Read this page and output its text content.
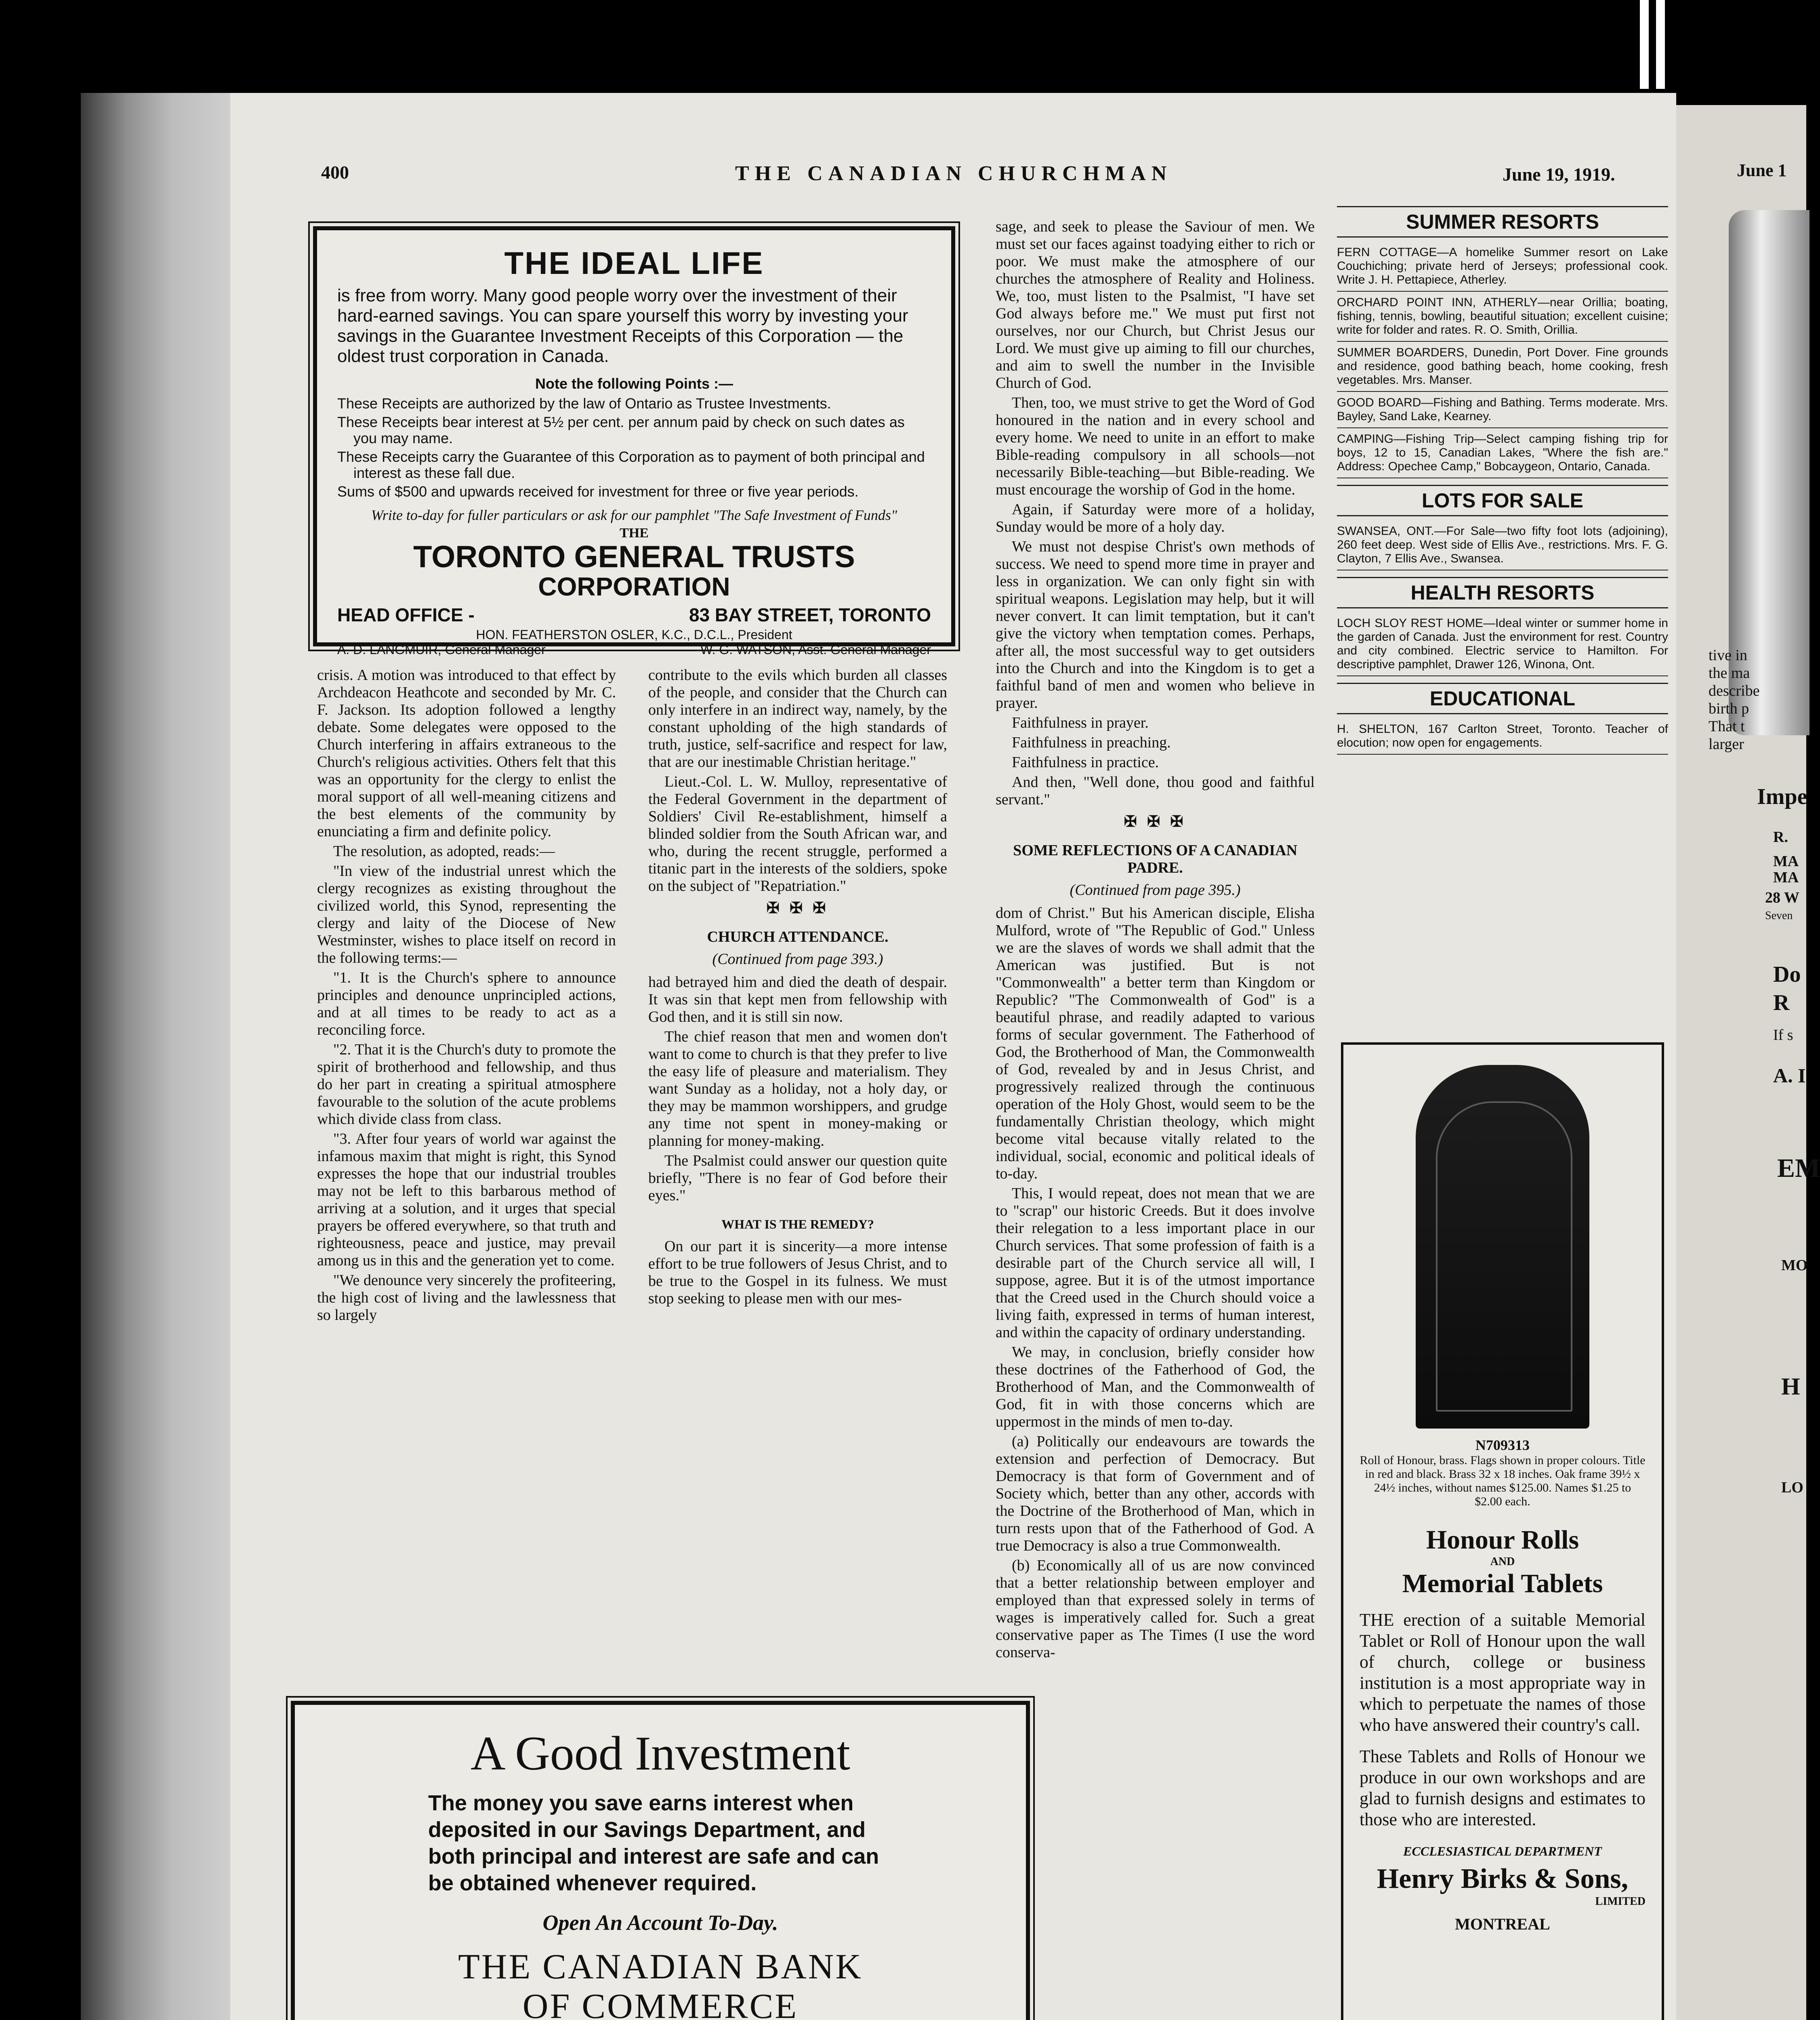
400	THE CANADIAN CHURCHMAN	June 19, 1919.
THE IDEAL LIFE
is free from worry. Many good people worry over the investment of their hard-earned savings. You can spare yourself this worry by investing your savings in the Guarantee Investment Receipts of this Corporation — the oldest trust corporation in Canada.
Note the following Points :—
These Receipts are authorized by the law of Ontario as Trustee Investments.
These Receipts bear interest at 5½ per cent. per annum paid by check on such dates as you may name.
These Receipts carry the Guarantee of this Corporation as to payment of both principal and interest as these fall due.
Sums of $500 and upwards received for investment for three or five year periods.
Write to-day for fuller particulars or ask for our pamphlet "The Safe Investment of Funds"
THE
TORONTO GENERAL TRUSTS
CORPORATION
HEAD OFFICE -	83 BAY STREET, TORONTO
HON. FEATHERSTON OSLER, K.C., D.C.L., President
A. D. LANGMUIR, General Manager	W. G. WATSON, Asst. General Manager

crisis. A motion was introduced to that effect by Archdeacon Heathcote and seconded by Mr. C. F. Jackson. Its adoption followed a lengthy debate. Some delegates were opposed to the Church interfering in affairs extraneous to the Church's religious activities. Others felt that this was an opportunity for the clergy to enlist the moral support of all well-meaning citizens and the best elements of the community by enunciating a firm and definite policy.

The resolution, as adopted, reads:—

"In view of the industrial unrest which the clergy recognizes as existing throughout the civilized world, this Synod, representing the clergy and laity of the Diocese of New Westminster, wishes to place itself on record in the following terms:—

"1. It is the Church's sphere to announce principles and denounce unprincipled actions, and at all times to be ready to act as a reconciling force.

"2. That it is the Church's duty to promote the spirit of brotherhood and fellowship, and thus do her part in creating a spiritual atmosphere favourable to the solution of the acute problems which divide class from class.

"3. After four years of world war against the infamous maxim that might is right, this Synod expresses the hope that our industrial troubles may not be left to this barbarous method of arriving at a solution, and it urges that special prayers be offered everywhere, so that truth and righteousness, peace and justice, may prevail among us in this and the generation yet to come.

"We denounce very sincerely the profiteering, the high cost of living and the lawlessness that so largely

contribute to the evils which burden all classes of the people, and consider that the Church can only interfere in an indirect way, namely, by the constant upholding of the high standards of truth, justice, self-sacrifice and respect for law, that are our inestimable Christian heritage."

Lieut.-Col. L. W. Mulloy, representative of the Federal Government in the department of Soldiers' Civil Re-establishment, himself a blinded soldier from the South African war, and who, during the recent struggle, performed a titanic part in the interests of the soldiers, spoke on the subject of "Repatriation."

✠ ✠ ✠
CHURCH ATTENDANCE.
(Continued from page 393.)

had betrayed him and died the death of despair. It was sin that kept men from fellowship with God then, and it is still sin now.

The chief reason that men and women don't want to come to church is that they prefer to live the easy life of pleasure and materialism. They want Sunday as a holiday, not a holy day, or they may be mammon worshippers, and grudge any time not spent in money-making or planning for money-making.

The Psalmist could answer our question quite briefly, "There is no fear of God before their eyes."

WHAT IS THE REMEDY?

On our part it is sincerity—a more intense effort to be true followers of Jesus Christ, and to be true to the Gospel in its fulness. We must stop seeking to please men with our mes-

sage, and seek to please the Saviour of men. We must set our faces against toadying either to rich or poor. We must make the atmosphere of our churches the atmosphere of Reality and Holiness. We, too, must listen to the Psalmist, "I have set God always before me." We must put first not ourselves, nor our Church, but Christ Jesus our Lord. We must give up aiming to fill our churches, and aim to swell the number in the Invisible Church of God.

Then, too, we must strive to get the Word of God honoured in the nation and in every school and every home. We need to unite in an effort to make Bible-reading compulsory in all schools—not necessarily Bible-teaching—but Bible-reading. We must encourage the worship of God in the home.

Again, if Saturday were more of a holiday, Sunday would be more of a holy day.

We must not despise Christ's own methods of success. We need to spend more time in prayer and less in organization. We can only fight sin with spiritual weapons. Legislation may help, but it will never convert. It can limit temptation, but it can't give the victory when temptation comes. Perhaps, after all, the most successful way to get outsiders into the Church and into the Kingdom is to get a faithful band of men and women who believe in prayer.

Faithfulness in prayer.

Faithfulness in preaching.

Faithfulness in practice.

And then, "Well done, thou good and faithful servant."

✠ ✠ ✠
SOME REFLECTIONS OF A CANADIAN PADRE.
(Continued from page 395.)

dom of Christ." But his American disciple, Elisha Mulford, wrote of "The Republic of God." Unless we are the slaves of words we shall admit that the American was justified. But is not "Commonwealth" a better term than Kingdom or Republic? "The Commonwealth of God" is a beautiful phrase, and readily adapted to various forms of secular government. The Fatherhood of God, the Brotherhood of Man, the Commonwealth of God, revealed by and in Jesus Christ, and progressively realized through the continuous operation of the Holy Ghost, would seem to be the fundamentally Christian theology, which might become vital because vitally related to the individual, social, economic and political ideals of to-day.

This, I would repeat, does not mean that we are to "scrap" our historic Creeds. But it does involve their relegation to a less important place in our Church services. That some profession of faith is a desirable part of the Church service all will, I suppose, agree. But it is of the utmost importance that the Creed used in the Church should voice a living faith, expressed in terms of human interest, and within the capacity of ordinary understanding.

We may, in conclusion, briefly consider how these doctrines of the Fatherhood of God, the Brotherhood of Man, and the Commonwealth of God, fit in with those concerns which are uppermost in the minds of men to-day.

(a) Politically our endeavours are towards the extension and perfection of Democracy. But Democracy is that form of Government and of Society which, better than any other, accords with the Doctrine of the Brotherhood of Man, which in turn rests upon that of the Fatherhood of God. A true Democracy is also a true Commonwealth.

(b) Economically all of us are now convinced that a better relationship between employer and employed than that expressed solely in terms of wages is imperatively called for. Such a great conservative paper as The Times (I use the word conserva-

A Good Investment
The money you save earns interest when deposited in our Savings Department, and both principal and interest are safe and can be obtained whenever required.
Open An Account To-Day.
THE CANADIAN BANK
OF COMMERCE
SUMMER RESORTS
FERN COTTAGE—A homelike Summer resort on Lake Couchiching; private herd of Jerseys; professional cook. Write J. H. Pettapiece, Atherley.
ORCHARD POINT INN, ATHERLY—near Orillia; boating, fishing, tennis, bowling, beautiful situation; excellent cuisine; write for folder and rates. R. O. Smith, Orillia.
SUMMER BOARDERS, Dunedin, Port Dover. Fine grounds and residence, good bathing beach, home cooking, fresh vegetables. Mrs. Manser.
GOOD BOARD—Fishing and Bathing. Terms moderate. Mrs. Bayley, Sand Lake, Kearney.
CAMPING—Fishing Trip—Select camping fishing trip for boys, 12 to 15, Canadian Lakes, "Where the fish are." Address: Opechee Camp," Bobcaygeon, Ontario, Canada.
LOTS FOR SALE
SWANSEA, ONT.—For Sale—two fifty foot lots (adjoining), 260 feet deep. West side of Ellis Ave., restrictions. Mrs. F. G. Clayton, 7 Ellis Ave., Swansea.
HEALTH RESORTS
LOCH SLOY REST HOME—Ideal winter or summer home in the garden of Canada. Just the environment for rest. Country and city combined. Electric service to Hamilton. For descriptive pamphlet, Drawer 126, Winona, Ont.
EDUCATIONAL
H. SHELTON, 167 Carlton Street, Toronto. Teacher of elocution; now open for engagements.
N709313
Roll of Honour, brass. Flags shown in proper colours. Title in red and black. Brass 32 x 18 inches. Oak frame 39½ x 24½ inches, without names $125.00. Names $1.25 to $2.00 each.
Honour Rolls
AND
Memorial Tablets
THE erection of a suitable Memorial Tablet or Roll of Honour upon the wall of church, college or business institution is a most appropriate way in which to perpetuate the names of those who have answered their country's call.
These Tablets and Rolls of Honour we produce in our own workshops and are glad to furnish designs and estimates to those who are interested.
ECCLESIASTICAL DEPARTMENT
Henry Birks & Sons,
LIMITED
MONTREAL
June 1
tive in
the ma
describe
birth p
That t
larger
Impe
R.
MA
MA
28 W
Seven
Do
R
If s
A. I
EM
MO
H
LO
